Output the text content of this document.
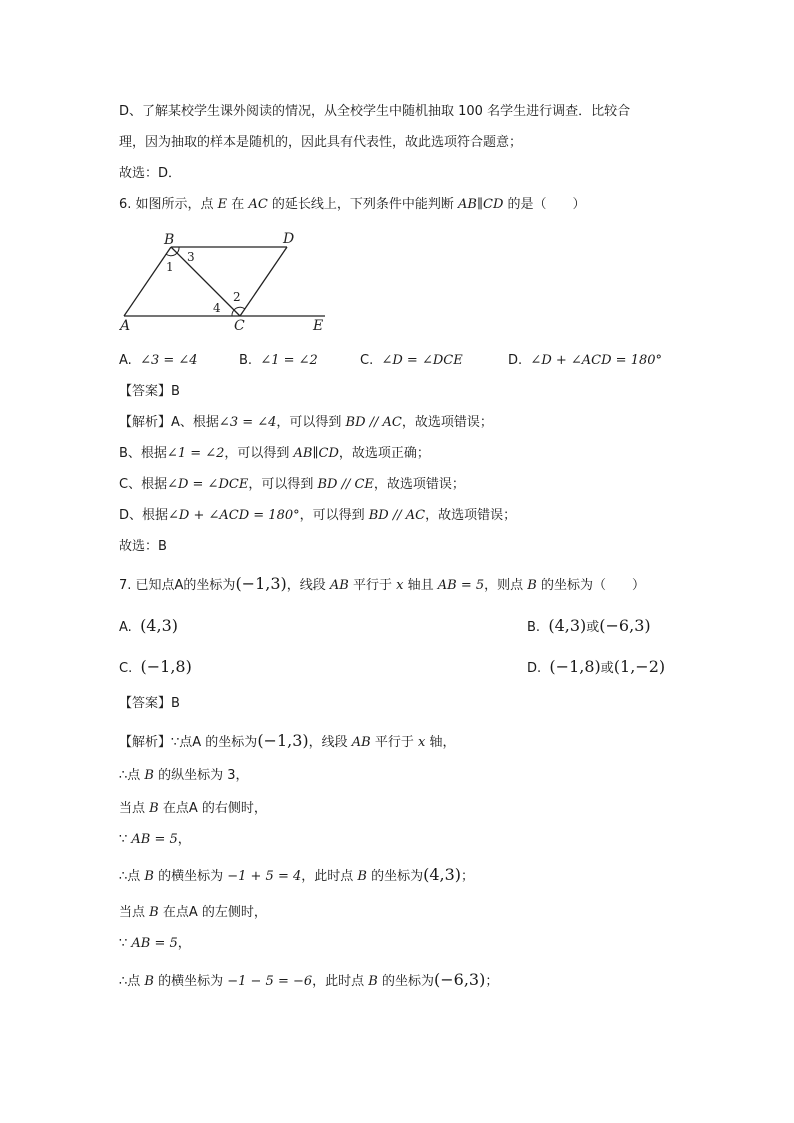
D、了解某校学生课外阅读的情况，从全校学生中随机抽取 100 名学生进行调查．比较合
理，因为抽取的样本是随机的，因此具有代表性，故此选项符合题意；
故选：D．
6. 如图所示，点 E 在 AC 的延长线上，下列条件中能判断 AB∥CD 的是（　　）
B	D
A	C	E
1
3
4
2
A. ∠3 = ∠4	B. ∠1 = ∠2	C. ∠D = ∠DCE	D. ∠D + ∠ACD = 180°
【答案】B
【解析】A、根据∠3 = ∠4，可以得到 BD // AC，故选项错误；
B、根据∠1 = ∠2，可以得到 AB∥CD，故选项正确；
C、根据∠D = ∠DCE，可以得到 BD // CE，故选项错误；
D、根据∠D + ∠ACD = 180°，可以得到 BD // AC，故选项错误；
故选：B
7. 已知点A的坐标为(−1,3)，线段 AB 平行于 x 轴且 AB = 5，则点 B 的坐标为（　　）
A. (4,3)	B. (4,3)或(−6,3)
C. (−1,8)	D. (−1,8)或(1,−2)
【答案】B
【解析】∵点A 的坐标为(−1,3)，线段 AB 平行于 x 轴，
∴点 B 的纵坐标为 3，
当点 B 在点A 的右侧时，
∵ AB = 5，
∴点 B 的横坐标为 −1 + 5 = 4，此时点 B 的坐标为(4,3)；
当点 B 在点A 的左侧时，
∵ AB = 5，
∴点 B 的横坐标为 −1 − 5 = −6，此时点 B 的坐标为(−6,3)；
